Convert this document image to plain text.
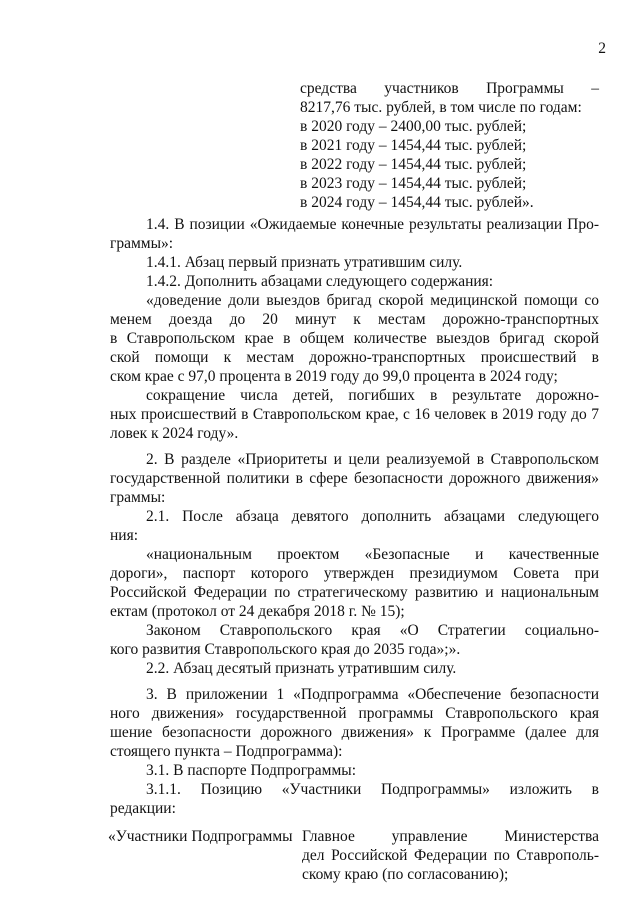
2
средства участников Программы –
8217,76 тыс. рублей, в том числе по годам:
в 2020 году – 2400,00 тыс. рублей;
в 2021 году – 1454,44 тыс. рублей;
в 2022 году – 1454,44 тыс. рублей;
в 2023 году – 1454,44 тыс. рублей;
в 2024 году – 1454,44 тыс. рублей».
1.4. В позиции «Ожидаемые конечные результаты реализации Про-
граммы»:
1.4.1. Абзац первый признать утратившим силу.
1.4.2. Дополнить абзацами следующего содержания:
«доведение доли выездов бригад скорой медицинской помощи со
менем доезда до 20 минут к местам дорожно-транспортных
в Ставропольском крае в общем количестве выездов бригад скорой
ской помощи к местам дорожно-транспортных происшествий в
ском крае с 97,0 процента в 2019 году до 99,0 процента в 2024 году;
сокращение числа детей, погибших в результате дорожно-
ных происшествий в Ставропольском крае, с 16 человек в 2019 году до 7
ловек к 2024 году».
2. В разделе «Приоритеты и цели реализуемой в Ставропольском
государственной политики в сфере безопасности дорожного движения»
граммы:
2.1. После абзаца девятого дополнить абзацами следующего
ния:
«национальным проектом «Безопасные и качественные
дороги», паспорт которого утвержден президиумом Совета при
Российской Федерации по стратегическому развитию и национальным
ектам (протокол от 24 декабря 2018 г. № 15);
Законом Ставропольского края «О Стратегии социально-
кого развития Ставропольского края до 2035 года»;».
2.2. Абзац десятый признать утратившим силу.
3. В приложении 1 «Подпрограмма «Обеспечение безопасности
ного движения» государственной программы Ставропольского края
шение безопасности дорожного движения» к Программе (далее для
стоящего пункта – Подпрограмма):
3.1. В паспорте Подпрограммы:
3.1.1. Позицию «Участники Подпрограммы» изложить в
редакции:
«Участники Подпрограммы Главное управление Министерства
дел Российской Федерации по Ставрополь-
скому краю (по согласованию);
